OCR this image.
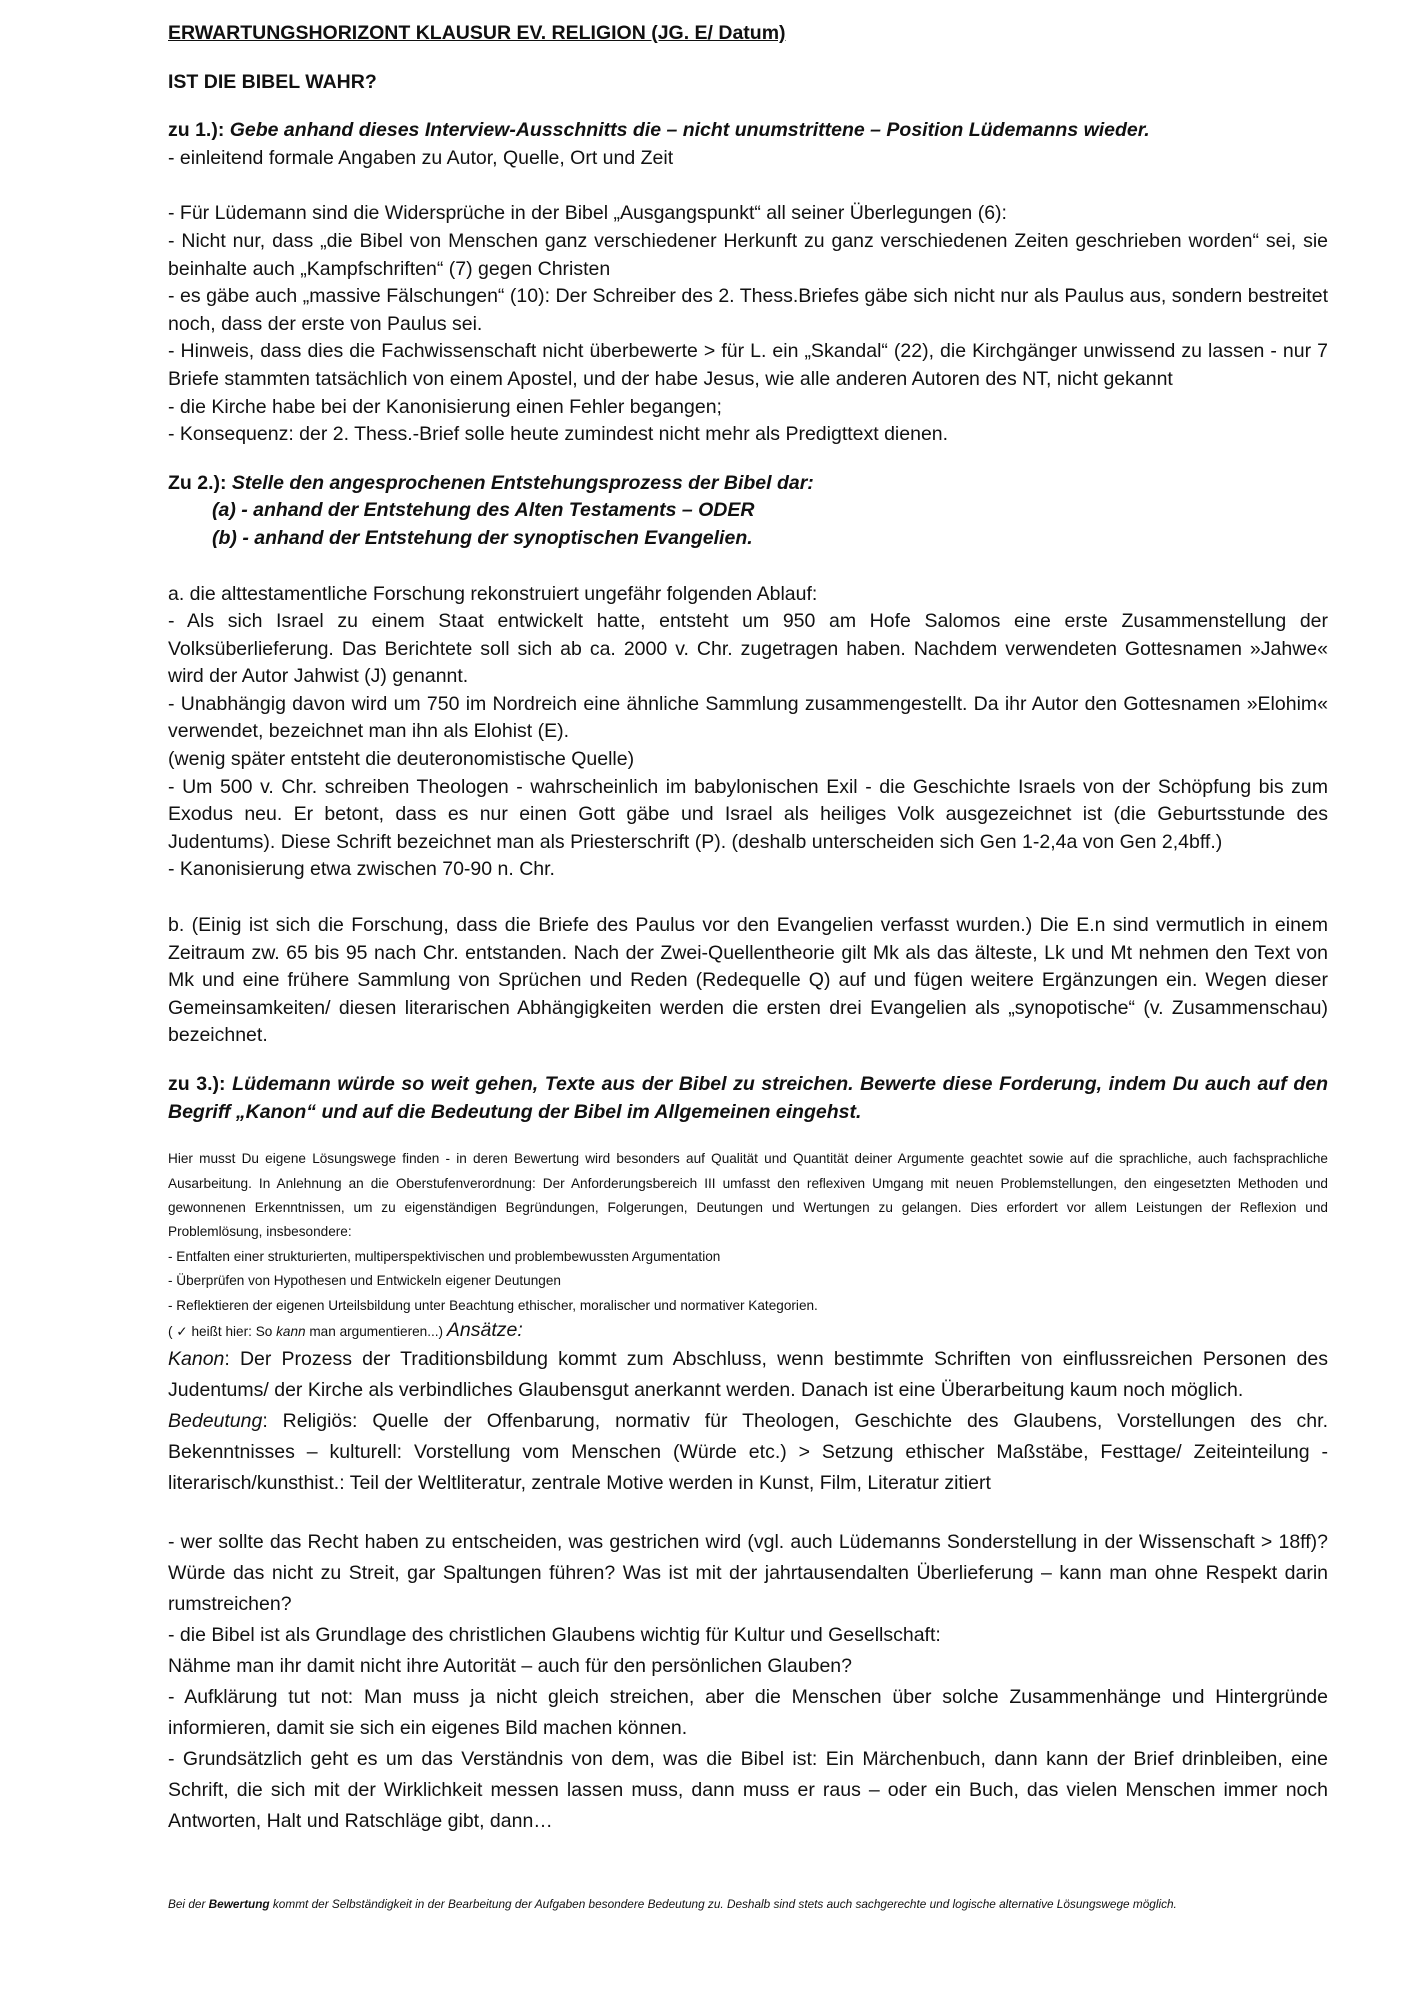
ERWARTUNGSHORIZONT KLAUSUR EV. RELIGION (JG. E/ Datum)

IST DIE BIBEL WAHR?

zu 1.): Gebe anhand dieses Interview-Ausschnitts die – nicht unumstrittene – Position Lüdemanns wieder.

- einleitend formale Angaben zu Autor, Quelle, Ort und Zeit

- Für Lüdemann sind die Widersprüche in der Bibel „Ausgangspunkt“ all seiner Überlegungen (6):

- Nicht nur, dass „die Bibel von Menschen ganz verschiedener Herkunft zu ganz verschiedenen Zeiten geschrieben worden“ sei, sie beinhalte auch „Kampfschriften“ (7) gegen Christen

- es gäbe auch „massive Fälschungen“ (10): Der Schreiber des 2. Thess.Briefes gäbe sich nicht nur als Paulus aus, sondern bestreitet noch, dass der erste von Paulus sei.

- Hinweis, dass dies die Fachwissenschaft nicht überbewerte > für L. ein „Skandal“ (22), die Kirchgänger unwissend zu lassen - nur 7 Briefe stammten tatsächlich von einem Apostel, und der habe Jesus, wie alle anderen Autoren des NT, nicht gekannt

- die Kirche habe bei der Kanonisierung einen Fehler begangen;

- Konsequenz: der 2. Thess.-Brief solle heute zumindest nicht mehr als Predigttext dienen.

Zu 2.): Stelle den angesprochenen Entstehungsprozess der Bibel dar:

(a) - anhand der Entstehung des Alten Testaments – ODER

(b) - anhand der Entstehung der synoptischen Evangelien.

a. die alttestamentliche Forschung rekonstruiert ungefähr folgenden Ablauf:

- Als sich Israel zu einem Staat entwickelt hatte, entsteht um 950 am Hofe Salomos eine erste Zusammenstellung der Volksüberlieferung. Das Berichtete soll sich ab ca. 2000 v. Chr. zugetragen haben. Nachdem verwendeten Gottesnamen »Jahwe« wird der Autor Jahwist (J) genannt.

- Unabhängig davon wird um 750 im Nordreich eine ähnliche Sammlung zusammengestellt. Da ihr Autor den Gottesnamen »Elohim« verwendet, bezeichnet man ihn als Elohist (E).

(wenig später entsteht die deuteronomistische Quelle)

- Um 500 v. Chr. schreiben Theologen - wahrscheinlich im babylonischen Exil - die Geschichte Israels von der Schöpfung bis zum Exodus neu. Er betont, dass es nur einen Gott gäbe und Israel als heiliges Volk ausgezeichnet ist (die Geburtsstunde des Judentums). Diese Schrift bezeichnet man als Priesterschrift (P). (deshalb unterscheiden sich Gen 1-2,4a von Gen 2,4bff.)

- Kanonisierung etwa zwischen 70-90 n. Chr.

b. (Einig ist sich die Forschung, dass die Briefe des Paulus vor den Evangelien verfasst wurden.) Die E.n sind vermutlich in einem Zeitraum zw. 65 bis 95 nach Chr. entstanden. Nach der Zwei-Quellentheorie gilt Mk als das älteste, Lk und Mt nehmen den Text von Mk und eine frühere Sammlung von Sprüchen und Reden (Redequelle Q) auf und fügen weitere Ergänzungen ein. Wegen dieser Gemeinsamkeiten/ diesen literarischen Abhängigkeiten werden die ersten drei Evangelien als „synopotische“ (v. Zusammenschau) bezeichnet.

zu 3.): Lüdemann würde so weit gehen, Texte aus der Bibel zu streichen. Bewerte diese Forderung, indem Du auch auf den Begriff „Kanon“ und auf die Bedeutung der Bibel im Allgemeinen eingehst.

Hier musst Du eigene Lösungswege finden - in deren Bewertung wird besonders auf Qualität und Quantität deiner Argumente geachtet sowie auf die sprachliche, auch fachsprachliche Ausarbeitung. In Anlehnung an die Oberstufenverordnung: Der Anforderungsbereich III umfasst den reflexiven Umgang mit neuen Problemstellungen, den eingesetzten Methoden und gewonnenen Erkenntnissen, um zu eigenständigen Begründungen, Folgerungen, Deutungen und Wertungen zu gelangen. Dies erfordert vor allem Leistungen der Reflexion und Problemlösung, insbesondere:

- Entfalten einer strukturierten, multiperspektivischen und problembewussten Argumentation

- Überprüfen von Hypothesen und Entwickeln eigener Deutungen

- Reflektieren der eigenen Urteilsbildung unter Beachtung ethischer, moralischer und normativer Kategorien.

( ✓ heißt hier: So kann man argumentieren...) Ansätze:

Kanon: Der Prozess der Traditionsbildung kommt zum Abschluss, wenn bestimmte Schriften von einflussreichen Personen des Judentums/ der Kirche als verbindliches Glaubensgut anerkannt werden. Danach ist eine Überarbeitung kaum noch möglich.

Bedeutung: Religiös: Quelle der Offenbarung, normativ für Theologen, Geschichte des Glaubens, Vorstellungen des chr. Bekenntnisses – kulturell: Vorstellung vom Menschen (Würde etc.) > Setzung ethischer Maßstäbe, Festtage/ Zeiteinteilung - literarisch/kunsthist.: Teil der Weltliteratur, zentrale Motive werden in Kunst, Film, Literatur zitiert

- wer sollte das Recht haben zu entscheiden, was gestrichen wird (vgl. auch Lüdemanns Sonderstellung in der Wissenschaft > 18ff)? Würde das nicht zu Streit, gar Spaltungen führen? Was ist mit der jahrtausendalten Überlieferung – kann man ohne Respekt darin rumstreichen?

- die Bibel ist als Grundlage des christlichen Glaubens wichtig für Kultur und Gesellschaft:

Nähme man ihr damit nicht ihre Autorität – auch für den persönlichen Glauben?

- Aufklärung tut not: Man muss ja nicht gleich streichen, aber die Menschen über solche Zusammenhänge und Hintergründe informieren, damit sie sich ein eigenes Bild machen können.

- Grundsätzlich geht es um das Verständnis von dem, was die Bibel ist: Ein Märchenbuch, dann kann der Brief drinbleiben, eine Schrift, die sich mit der Wirklichkeit messen lassen muss, dann muss er raus – oder ein Buch, das vielen Menschen immer noch Antworten, Halt und Ratschläge gibt, dann…

Bei der Bewertung kommt der Selbständigkeit in der Bearbeitung der Aufgaben besondere Bedeutung zu. Deshalb sind stets auch sachgerechte und logische alternative Lösungswege möglich.
